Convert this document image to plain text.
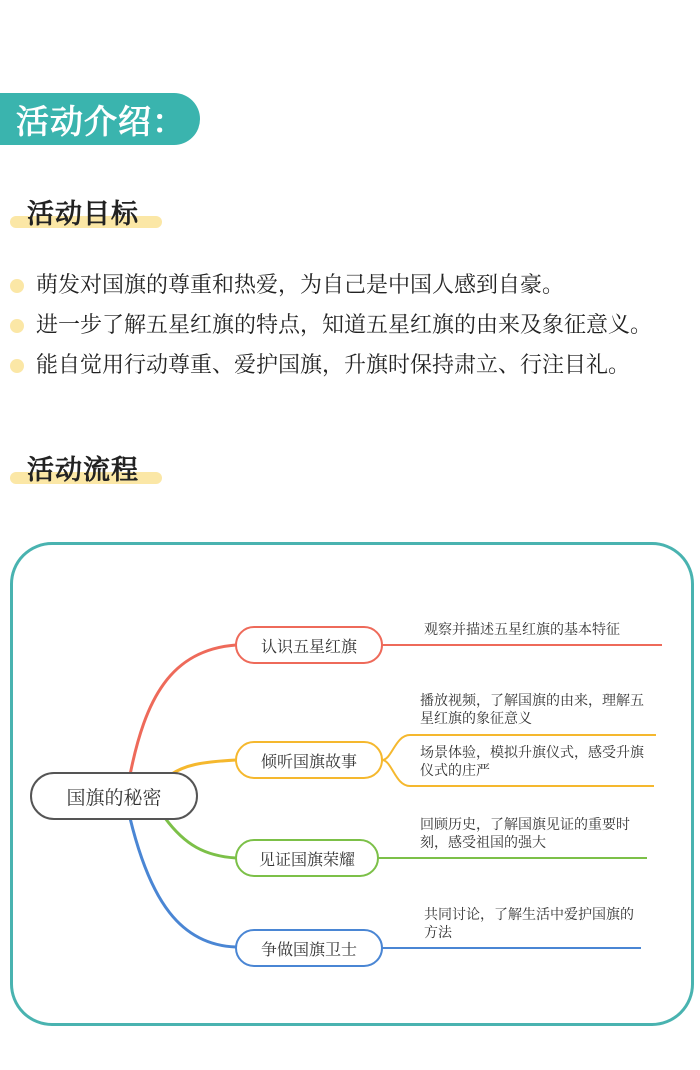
活动介绍：
活动目标
萌发对国旗的尊重和热爱，为自己是中国人感到自豪。
进一步了解五星红旗的特点，知道五星红旗的由来及象征意义。
能自觉用行动尊重、爱护国旗，升旗时保持肃立、行注目礼。
活动流程
国旗的秘密
认识五星红旗
倾听国旗故事
见证国旗荣耀
争做国旗卫士
观察并描述五星红旗的基本特征
播放视频，了解国旗的由来，理解五星红旗的象征意义
场景体验，模拟升旗仪式，感受升旗仪式的庄严
回顾历史，了解国旗见证的重要时刻，感受祖国的强大
共同讨论，了解生活中爱护国旗的方法
